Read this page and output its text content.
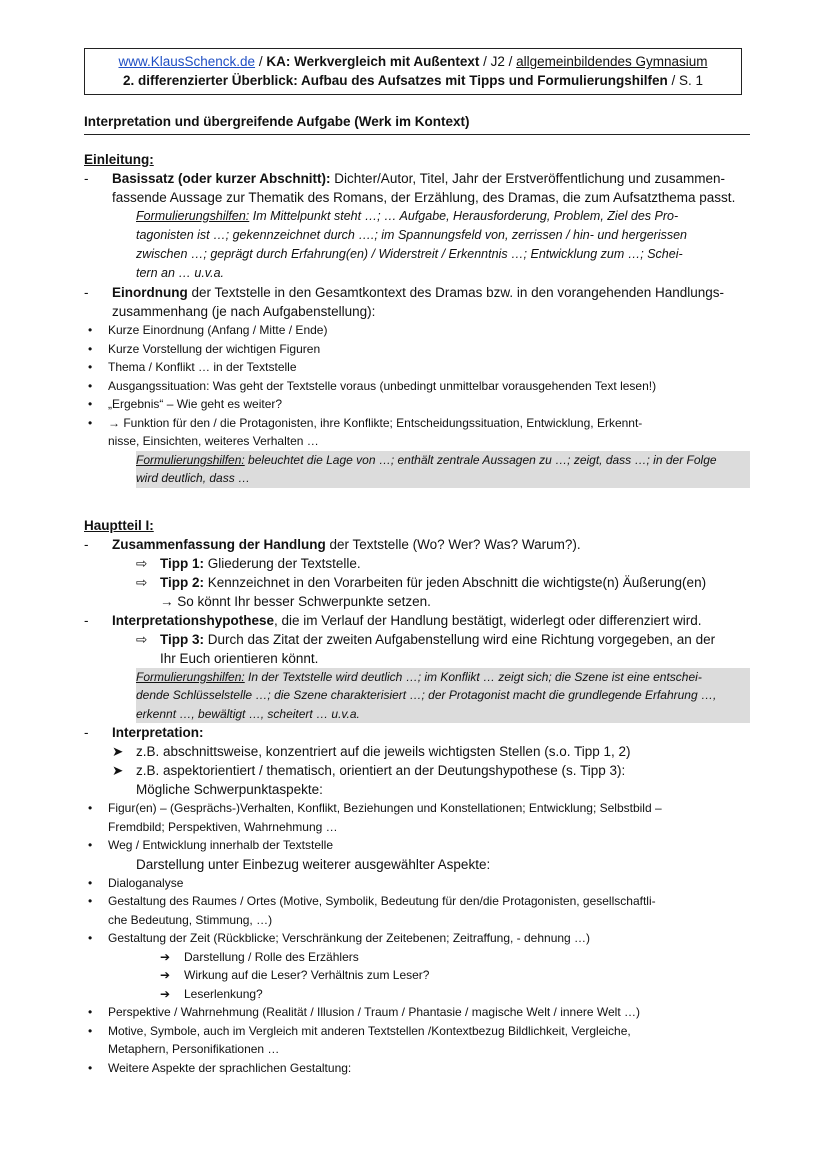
www.KlausSchenck.de / KA: Werkvergleich mit Außentext / J2 / allgemeinbildendes Gymnasium
2. differenzierter Überblick: Aufbau des Aufsatzes mit Tipps und Formulierungshilfen / S. 1
Interpretation und übergreifende Aufgabe (Werk im Kontext)

Einleitung:

- Basissatz (oder kurzer Abschnitt): Dichter/Autor, Titel, Jahr der Erstveröffentlichung und zusammen-
fassende Aussage zur Thematik des Romans, der Erzählung, des Dramas, die zum Aufsatzthema passt.
Formulierungshilfen: Im Mittelpunkt steht …; … Aufgabe, Herausforderung, Problem, Ziel des Pro-
tagonisten ist …; gekennzeichnet durch ….; im Spannungsfeld von, zerrissen / hin- und hergerissen
zwischen …; geprägt durch Erfahrung(en) / Widerstreit / Erkenntnis …; Entwicklung zum …; Schei-
tern an … u.v.a.
- Einordnung der Textstelle in den Gesamtkontext des Dramas bzw. in den vorangehenden Handlungs-
zusammenhang (je nach Aufgabenstellung):
• Kurze Einordnung (Anfang / Mitte / Ende)
• Kurze Vorstellung der wichtigen Figuren
• Thema / Konflikt … in der Textstelle
• Ausgangssituation: Was geht der Textstelle voraus (unbedingt unmittelbar vorausgehenden Text lesen!)
• „Ergebnis“ – Wie geht es weiter?
• → Funktion für den / die Protagonisten, ihre Konflikte; Entscheidungssituation, Entwicklung, Erkennt-
nisse, Einsichten, weiteres Verhalten …
Formulierungshilfen: beleuchtet die Lage von …; enthält zentrale Aussagen zu …; zeigt, dass …; in der Folge
wird deutlich, dass …

Hauptteil I:

- Zusammenfassung der Handlung der Textstelle (Wo? Wer? Was? Warum?).
⇨ Tipp 1: Gliederung der Textstelle.
⇨ Tipp 2: Kennzeichnet in den Vorarbeiten für jeden Abschnitt die wichtigste(n) Äußerung(en)
→ So könnt Ihr besser Schwerpunkte setzen.
- Interpretationshypothese, die im Verlauf der Handlung bestätigt, widerlegt oder differenziert wird.
⇨ Tipp 3: Durch das Zitat der zweiten Aufgabenstellung wird eine Richtung vorgegeben, an der
Ihr Euch orientieren könnt.
Formulierungshilfen: In der Textstelle wird deutlich …; im Konflikt … zeigt sich; die Szene ist eine entschei-
dende Schlüsselstelle …; die Szene charakterisiert …; der Protagonist macht die grundlegende Erfahrung …,
erkennt …, bewältigt …, scheitert … u.v.a.
- Interpretation:
➤ z.B. abschnittsweise, konzentriert auf die jeweils wichtigsten Stellen (s.o. Tipp 1, 2)
➤ z.B. aspektorientiert / thematisch, orientiert an der Deutungshypothese (s. Tipp 3):
Mögliche Schwerpunktaspekte:
• Figur(en) – (Gesprächs-)Verhalten, Konflikt, Beziehungen und Konstellationen; Entwicklung; Selbstbild –
Fremdbild; Perspektiven, Wahrnehmung …
• Weg / Entwicklung innerhalb der Textstelle
Darstellung unter Einbezug weiterer ausgewählter Aspekte:
• Dialoganalyse
• Gestaltung des Raumes / Ortes (Motive, Symbolik, Bedeutung für den/die Protagonisten, gesellschaftli-
che Bedeutung, Stimmung, …)
• Gestaltung der Zeit (Rückblicke; Verschränkung der Zeitebenen; Zeitraffung, - dehnung …)
➔ Darstellung / Rolle des Erzählers
➔ Wirkung auf die Leser? Verhältnis zum Leser?
➔ Leserlenkung?
• Perspektive / Wahrnehmung (Realität / Illusion / Traum / Phantasie / magische Welt / innere Welt …)
• Motive, Symbole, auch im Vergleich mit anderen Textstellen /Kontextbezug Bildlichkeit, Vergleiche,
Metaphern, Personifikationen …
• Weitere Aspekte der sprachlichen Gestaltung:
